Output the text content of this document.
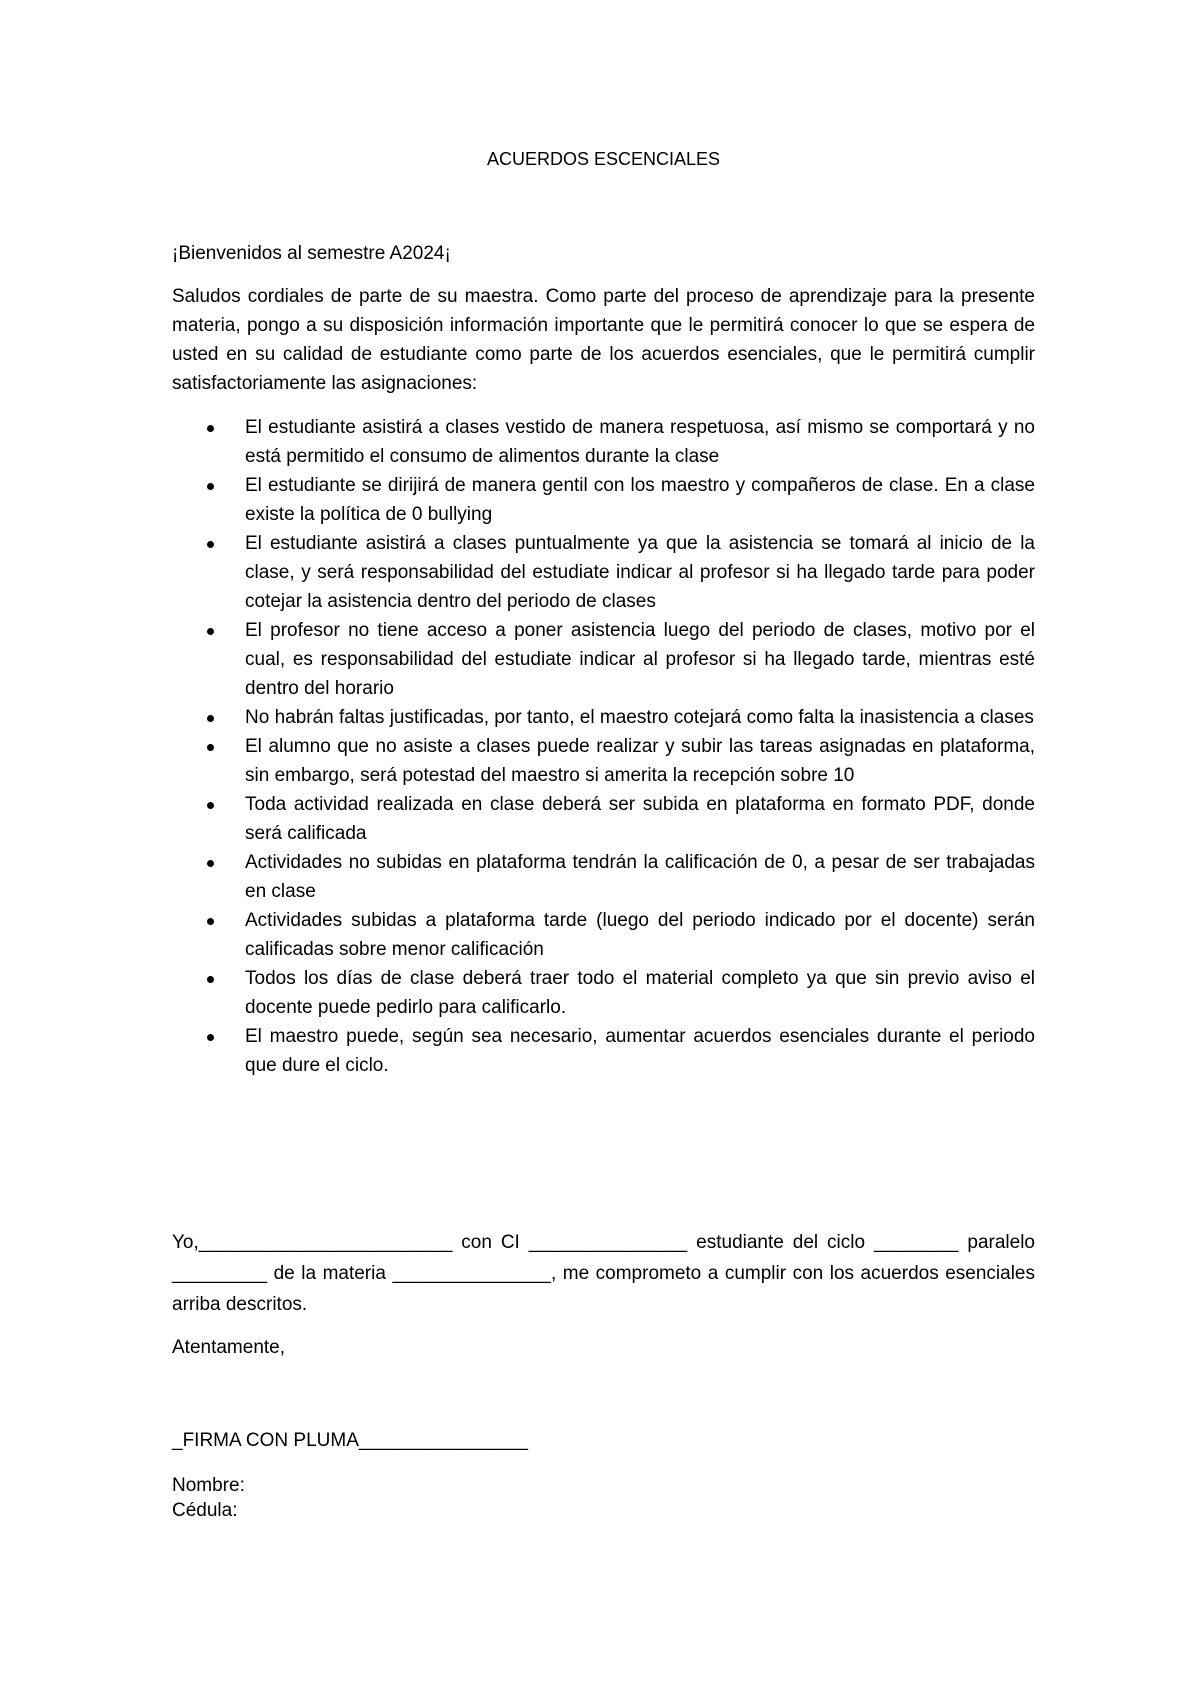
ACUERDOS ESCENCIALES
¡Bienvenidos al semestre A2024¡

Saludos cordiales de parte de su maestra. Como parte del proceso de aprendizaje para la presente materia, pongo a su disposición información importante que le permitirá conocer lo que se espera de usted en su calidad de estudiante como parte de los acuerdos esenciales, que le permitirá cumplir satisfactoriamente las asignaciones:

El estudiante asistirá a clases vestido de manera respetuosa, así mismo se comportará y no está permitido el consumo de alimentos durante la clase
El estudiante se dirijirá de manera gentil con los maestro y compañeros de clase. En a clase existe la política de 0 bullying
El estudiante asistirá a clases puntualmente ya que la asistencia se tomará al inicio de la clase, y será responsabilidad del estudiate indicar al profesor si ha llegado tarde para poder cotejar la asistencia dentro del periodo de clases
El profesor no tiene acceso a poner asistencia luego del periodo de clases, motivo por el cual, es responsabilidad del estudiate indicar al profesor si ha llegado tarde, mientras esté dentro del horario
No habrán faltas justificadas, por tanto, el maestro cotejará como falta la inasistencia a clases
El alumno que no asiste a clases puede realizar y subir las tareas asignadas en plataforma, sin embargo, será potestad del maestro si amerita la recepción sobre 10
Toda actividad realizada en clase deberá ser subida en plataforma en formato PDF, donde será calificada
Actividades no subidas en plataforma tendrán la calificación de 0, a pesar de ser trabajadas en clase
Actividades subidas a plataforma tarde (luego del periodo indicado por el docente) serán calificadas sobre menor calificación
Todos los días de clase deberá traer todo el material completo ya que sin previo aviso el docente puede pedirlo para calificarlo.
El maestro puede, según sea necesario, aumentar acuerdos esenciales durante el periodo que dure el ciclo.

Yo,________________________ con CI _______________ estudiante del ciclo ________ paralelo _________ de la materia _______________, me comprometo a cumplir con los acuerdos esenciales arriba descritos.

Atentamente,
_FIRMA CON PLUMA________________
Nombre:
Cédula:
